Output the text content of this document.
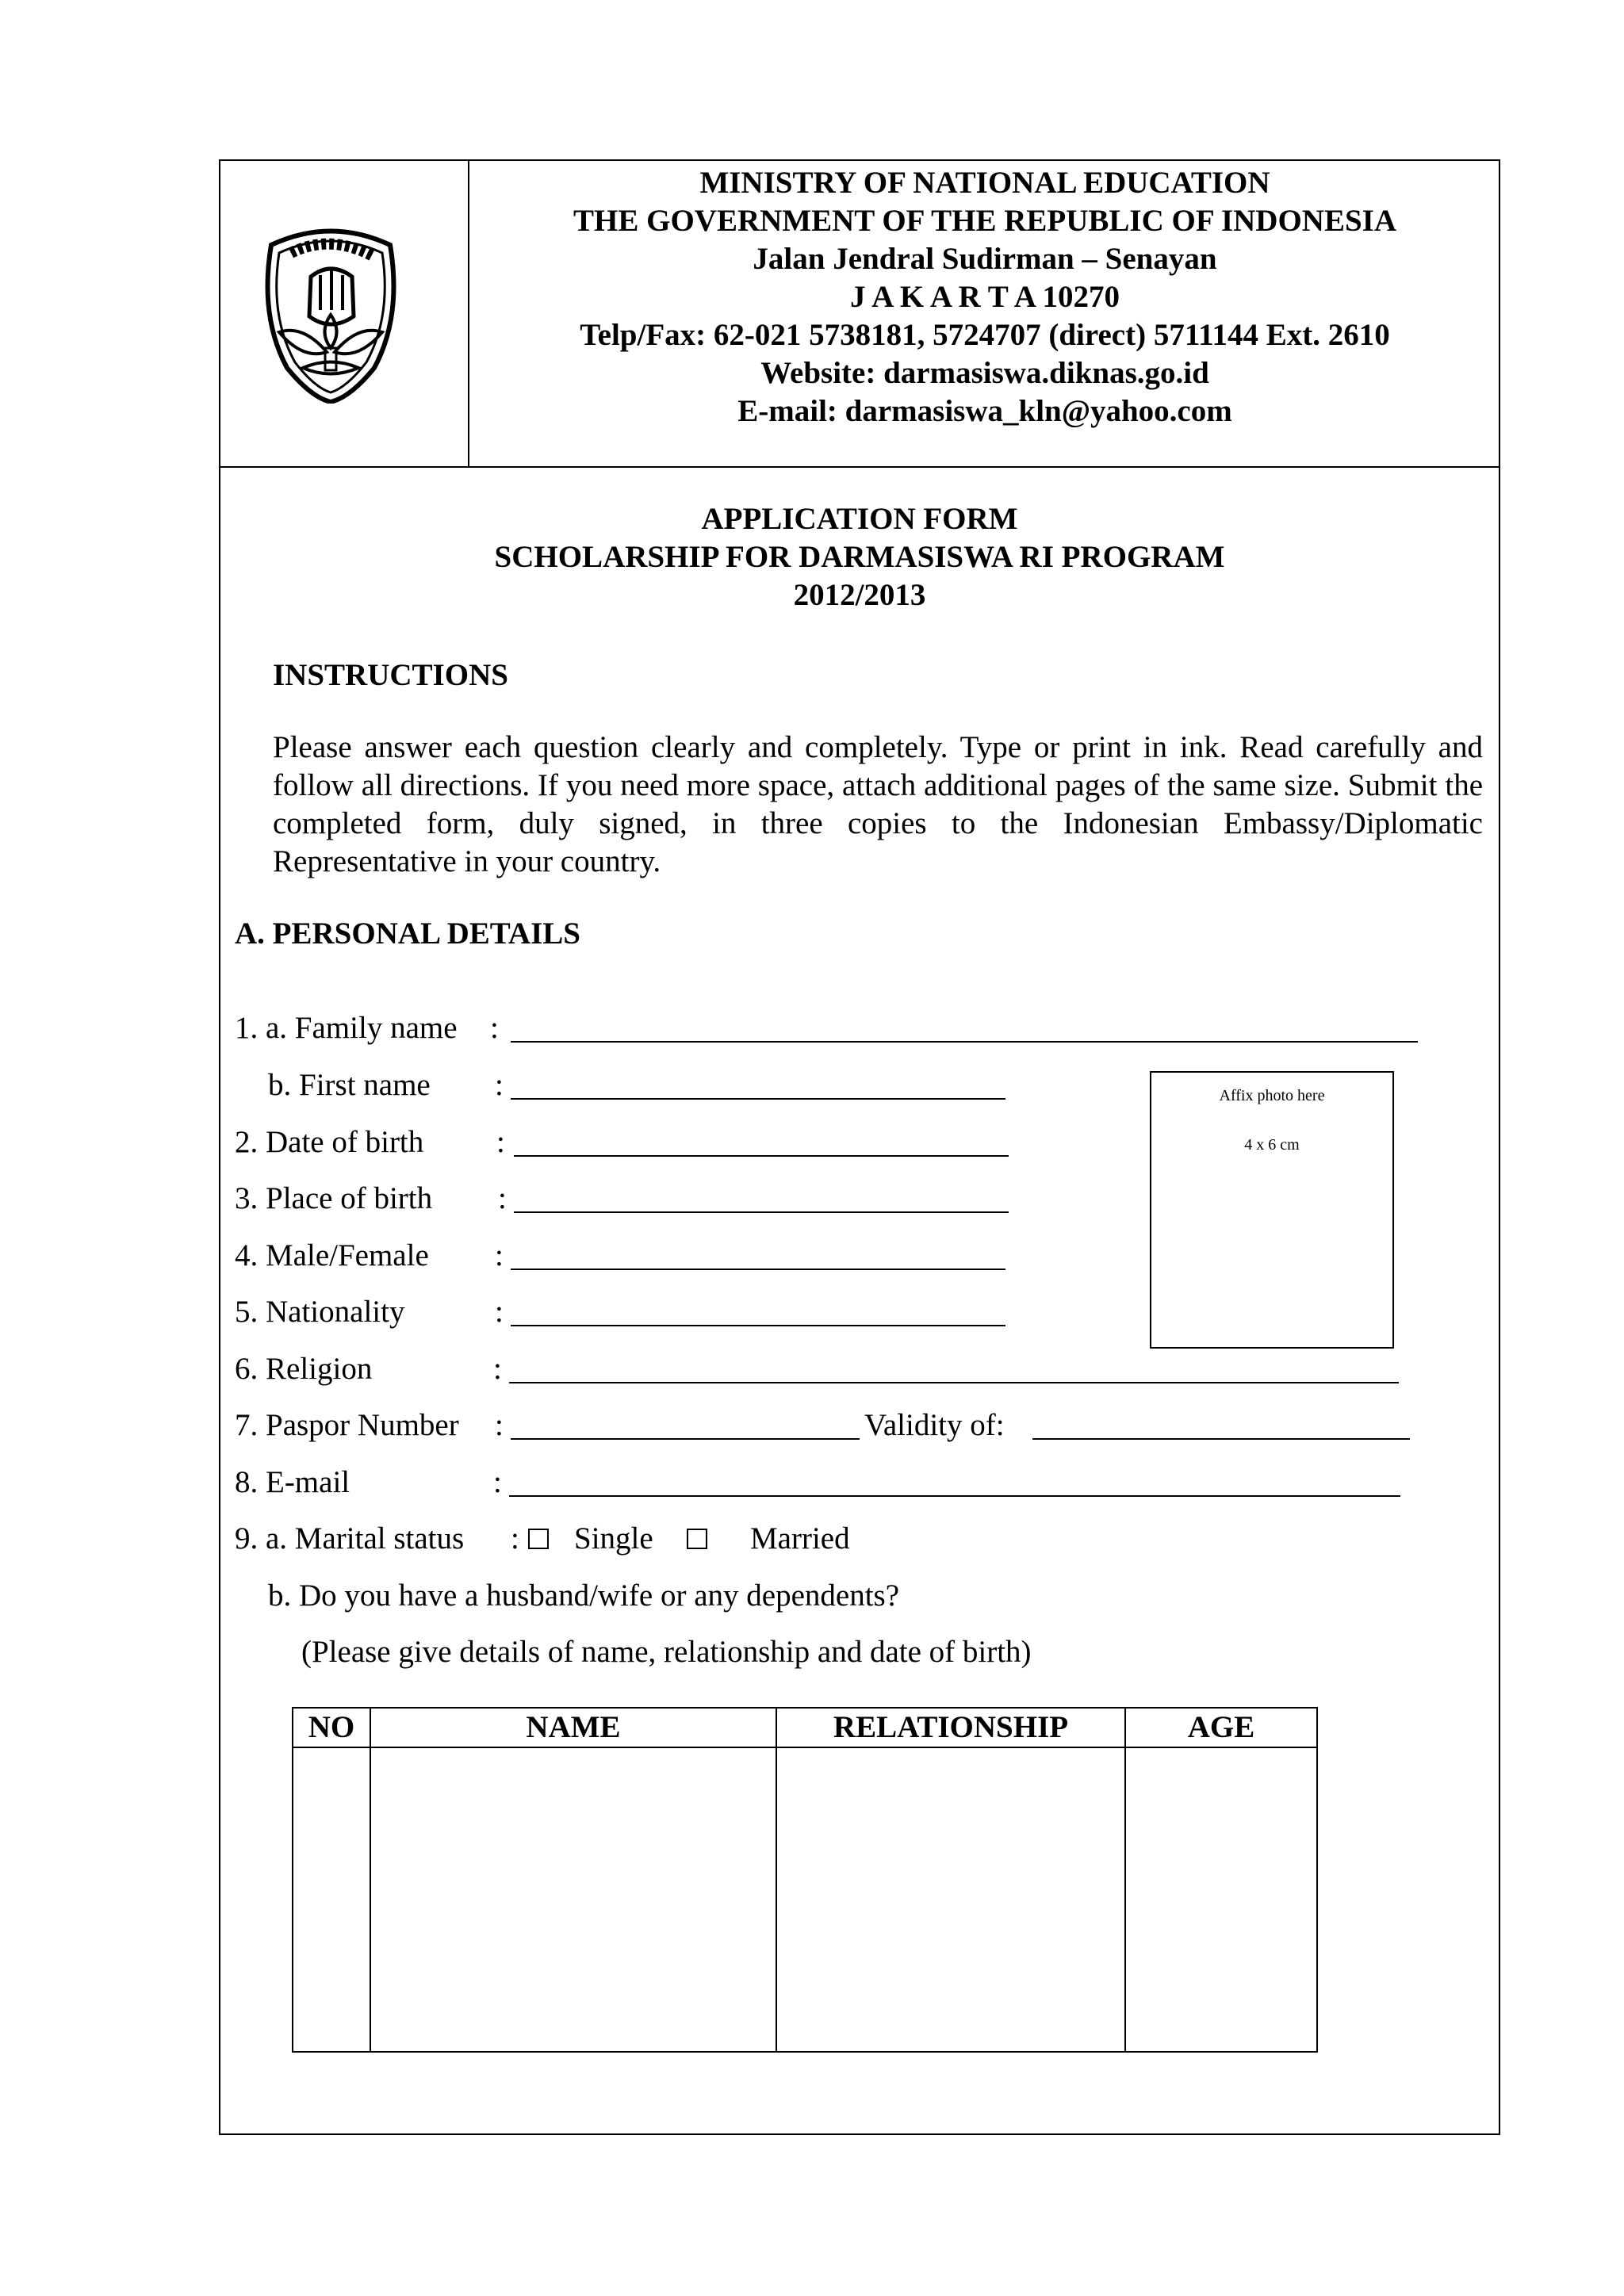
MINISTRY OF NATIONAL EDUCATION
THE GOVERNMENT OF THE REPUBLIC OF INDONESIA
Jalan Jendral Sudirman – Senayan
J A K A R T A 10270
Telp/Fax: 62-021 5738181, 5724707 (direct) 5711144 Ext. 2610
Website: darmasiswa.diknas.go.id
E-mail: darmasiswa_kln@yahoo.com
APPLICATION FORM
SCHOLARSHIP FOR DARMASISWA RI PROGRAM
2012/2013
INSTRUCTIONS
Please answer each question clearly and completely. Type or print in ink. Read carefully and follow all directions. If you need more space, attach additional pages of the same size. Submit the completed form, duly signed, in three copies to the Indonesian Embassy/Diplomatic Representative in your country.
A. PERSONAL DETAILS
1. a. Family name :
b. First name :
2. Date of birth :
3. Place of birth :
4. Male/Female :
5. Nationality	:
6. Religion	:
7. Paspor Number :	Validity of:
8. E-mail	:
9. a. Marital status : Single	Married
b. Do you have a husband/wife or any dependents?
(Please give details of name, relationship and date of birth)
Affix photo here
4 x 6 cm
NO	NAME	RELATIONSHIP	AGE
